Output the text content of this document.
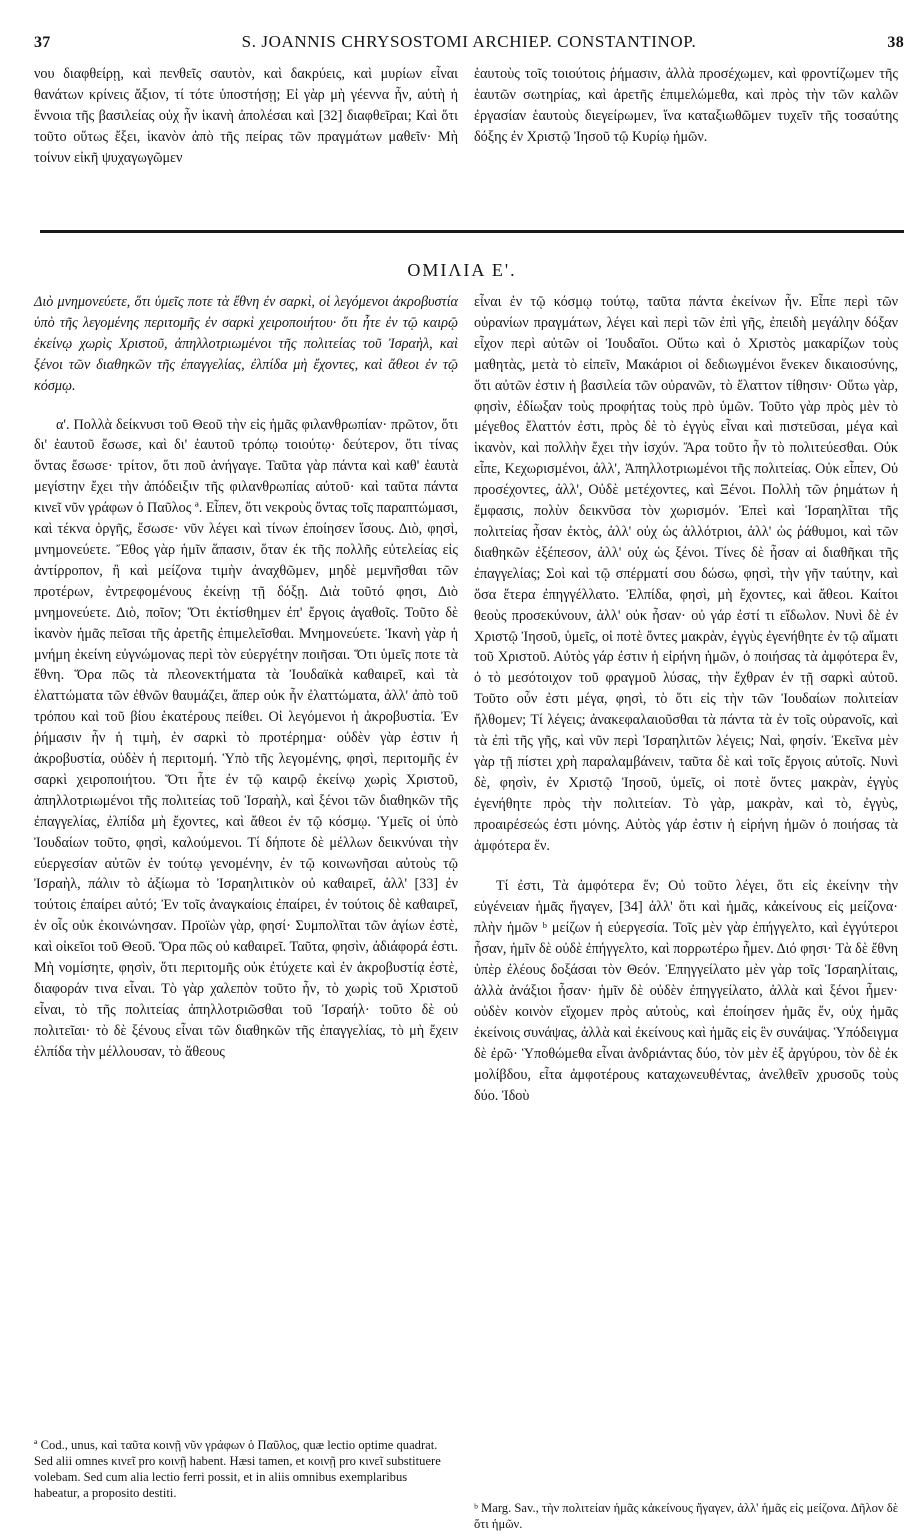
37	S. JOANNIS CHRYSOSTOMI ARCHIEP. CONSTANTINOP.	38

νου διαφθείρῃ, καὶ πενθεῖς σαυτὸν, καὶ δακρύεις, καὶ μυρίων εἶναι θανάτων κρίνεις ἄξιον, τί τότε ὑποστήσῃ; Εἰ γὰρ μὴ γέεννα ἦν, αὐτὴ ἡ ἔννοια τῆς βασιλείας οὐχ ἦν ἱκανὴ ἀπολέσαι καὶ [32] διαφθεῖραι; Καὶ ὅτι τοῦτο οὕτως ἔξει, ἱκανὸν ἀπὸ τῆς πείρας τῶν πραγμάτων μαθεῖν· Μὴ τοίνυν εἰκῆ ψυχαγωγῶμεν

ἑαυτοὺς τοῖς τοιούτοις ῥήμασιν, ἀλλὰ προσέχωμεν, καὶ φροντίζωμεν τῆς ἑαυτῶν σωτηρίας, καὶ ἀρετῆς ἐπιμελώμεθα, καὶ πρὸς τὴν τῶν καλῶν ἐργασίαν ἑαυτοὺς διεγείρωμεν, ἵνα καταξιωθῶμεν τυχεῖν τῆς τοσαύτης δόξης ἐν Χριστῷ Ἰησοῦ τῷ Κυρίῳ ἡμῶν.

ΟΜΙΛΙΑ Ε'.

Διὸ μνημονεύετε, ὅτι ὑμεῖς ποτε τὰ ἔθνη ἐν σαρκὶ, οἱ λεγόμενοι ἀκροβυστία ὑπὸ τῆς λεγομένης περιτομῆς ἐν σαρκὶ χειροποιήτου· ὅτι ἦτε ἐν τῷ καιρῷ ἐκείνῳ χωρὶς Χριστοῦ, ἀπηλλοτριωμένοι τῆς πολιτείας τοῦ Ἰσραὴλ, καὶ ξένοι τῶν διαθηκῶν τῆς ἐπαγγελίας, ἐλπίδα μὴ ἔχοντες, καὶ ἄθεοι ἐν τῷ κόσμῳ.

α'. Πολλὰ δείκνυσι τοῦ Θεοῦ τὴν εἰς ἡμᾶς φιλανθρωπίαν· πρῶτον, ὅτι δι' ἑαυτοῦ ἔσωσε, καὶ δι' ἑαυτοῦ τρόπῳ τοιούτῳ· δεύτερον, ὅτι τίνας ὄντας ἔσωσε· τρίτον, ὅτι ποῦ ἀνήγαγε. Ταῦτα γὰρ πάντα καὶ καθ' ἑαυτὰ μεγίστην ἔχει τὴν ἀπόδειξιν τῆς φιλανθρωπίας αὐτοῦ· καὶ ταῦτα πάντα κινεῖ νῦν γράφων ὁ Παῦλος ª. Εἶπεν, ὅτι νεκροὺς ὄντας τοῖς παραπτώμασι, καὶ τέκνα ὀργῆς, ἔσωσε· νῦν λέγει καὶ τίνων ἐποίησεν ἴσους. Διὸ, φησὶ, μνημονεύετε. Ἔθος γὰρ ἡμῖν ἅπασιν, ὅταν ἐκ τῆς πολλῆς εὐτελείας εἰς ἀντίρροπον, ἢ καὶ μείζονα τιμὴν ἀναχθῶμεν, μηδὲ μεμνῆσθαι τῶν προτέρων, ἐντρεφομένους ἐκείνῃ τῇ δόξῃ. Διὰ τοῦτό φησι, Διὸ μνημονεύετε. Διὸ, ποῖον; Ὅτι ἐκτίσθημεν ἐπ' ἔργοις ἀγαθοῖς. Τοῦτο δὲ ἱκανὸν ἡμᾶς πεῖσαι τῆς ἀρετῆς ἐπιμελεῖσθαι. Μνημονεύετε. Ἱκανὴ γὰρ ἡ μνήμη ἐκείνη εὐγνώμονας περὶ τὸν εὐεργέτην ποιῆσαι. Ὅτι ὑμεῖς ποτε τὰ ἔθνη. Ὅρα πῶς τὰ πλεονεκτήματα τὰ Ἰουδαϊκὰ καθαιρεῖ, καὶ τὰ ἐλαττώματα τῶν ἐθνῶν θαυμάζει, ἅπερ οὐκ ἦν ἐλαττώματα, ἀλλ' ἀπὸ τοῦ τρόπου καὶ τοῦ βίου ἑκατέρους πείθει. Οἱ λεγόμενοι ἡ ἀκροβυστία. Ἐν ῥήμασιν ἦν ἡ τιμὴ, ἐν σαρκὶ τὸ προτέρημα· οὐδὲν γὰρ ἐστιν ἡ ἀκροβυστία, οὐδὲν ἡ περιτομή. Ὑπὸ τῆς λεγομένης, φησὶ, περιτομῆς ἐν σαρκὶ χειροποιήτου. Ὅτι ἦτε ἐν τῷ καιρῷ ἐκείνῳ χωρὶς Χριστοῦ, ἀπηλλοτριωμένοι τῆς πολιτείας τοῦ Ἰσραὴλ, καὶ ξένοι τῶν διαθηκῶν τῆς ἐπαγγελίας, ἐλπίδα μὴ ἔχοντες, καὶ ἄθεοι ἐν τῷ κόσμῳ. Ὑμεῖς οἱ ὑπὸ Ἰουδαίων τοῦτο, φησὶ, καλούμενοι. Τί δήποτε δὲ μέλλων δεικνύναι τὴν εὐεργεσίαν αὐτῶν ἐν τούτῳ γενομένην, ἐν τῷ κοινωνῆσαι αὐτοὺς τῷ Ἰσραὴλ, πάλιν τὸ ἀξίωμα τὸ Ἰσραηλιτικὸν οὐ καθαιρεῖ, ἀλλ' [33] ἐν τούτοις ἐπαίρει αὐτό; Ἐν τοῖς ἀναγκαίοις ἐπαίρει, ἐν τούτοις δὲ καθαιρεῖ, ἐν οἷς οὐκ ἐκοινώνησαν. Προϊὼν γὰρ, φησί· Συμπολῖται τῶν ἁγίων ἐστὲ, καὶ οἰκεῖοι τοῦ Θεοῦ. Ὅρα πῶς οὐ καθαιρεῖ. Ταῦτα, φησὶν, ἀδιάφορά ἐστι. Μὴ νομίσητε, φησὶν, ὅτι περιτομῆς οὐκ ἐτύχετε καὶ ἐν ἀκροβυστίᾳ ἐστὲ, διαφοράν τινα εἶναι. Τὸ γὰρ χαλεπὸν τοῦτο ἦν, τὸ χωρὶς τοῦ Χριστοῦ εἶναι, τὸ τῆς πολιτείας ἀπηλλοτριῶσθαι τοῦ Ἰσραήλ· τοῦτο δὲ οὐ πολιτεῖαι· τὸ δὲ ξένους εἶναι τῶν διαθηκῶν τῆς ἐπαγγελίας, τὸ μὴ ἔχειν ἐλπίδα τὴν μέλλουσαν, τὸ ἄθεους

εἶναι ἐν τῷ κόσμῳ τούτῳ, ταῦτα πάντα ἐκείνων ἦν. Εἶπε περὶ τῶν οὐρανίων πραγμάτων, λέγει καὶ περὶ τῶν ἐπὶ γῆς, ἐπειδὴ μεγάλην δόξαν εἶχον περὶ αὐτῶν οἱ Ἰουδαῖοι. Οὕτω καὶ ὁ Χριστὸς μακαρίζων τοὺς μαθητὰς, μετὰ τὸ εἰπεῖν, Μακάριοι οἱ δεδιωγμένοι ἕνεκεν δικαιοσύνης, ὅτι αὐτῶν ἐστιν ἡ βασιλεία τῶν οὐρανῶν, τὸ ἔλαττον τίθησιν· Οὕτω γὰρ, φησὶν, ἐδίωξαν τοὺς προφήτας τοὺς πρὸ ὑμῶν. Τοῦτο γὰρ πρὸς μὲν τὸ μέγεθος ἔλαττόν ἐστι, πρὸς δὲ τὸ ἐγγὺς εἶναι καὶ πιστεῦσαι, μέγα καὶ ἱκανὸν, καὶ πολλὴν ἔχει τὴν ἰσχύν. Ἄρα τοῦτο ἦν τὸ πολιτεύεσθαι. Οὐκ εἶπε, Κεχωρισμένοι, ἀλλ', Ἀπηλλοτριωμένοι τῆς πολιτείας. Οὐκ εἶπεν, Οὐ προσέχοντες, ἀλλ', Οὐδὲ μετέχοντες, καὶ Ξένοι. Πολλὴ τῶν ῥημάτων ἡ ἔμφασις, πολὺν δεικνῦσα τὸν χωρισμόν. Ἐπεὶ καὶ Ἰσραηλῖται τῆς πολιτείας ἦσαν ἐκτὸς, ἀλλ' οὐχ ὡς ἀλλότριοι, ἀλλ' ὡς ῥάθυμοι, καὶ τῶν διαθηκῶν ἐξέπεσον, ἀλλ' οὐχ ὡς ξένοι. Τίνες δὲ ἦσαν αἱ διαθῆκαι τῆς ἐπαγγελίας; Σοὶ καὶ τῷ σπέρματί σου δώσω, φησὶ, τὴν γῆν ταύτην, καὶ ὅσα ἕτερα ἐπηγγέλλατο. Ἐλπίδα, φησὶ, μὴ ἔχοντες, καὶ ἄθεοι. Καίτοι θεοὺς προσεκύνουν, ἀλλ' οὐκ ἦσαν· οὐ γάρ ἐστί τι εἴδωλον. Νυνὶ δὲ ἐν Χριστῷ Ἰησοῦ, ὑμεῖς, οἱ ποτὲ ὄντες μακρὰν, ἐγγὺς ἐγενήθητε ἐν τῷ αἵματι τοῦ Χριστοῦ. Αὐτὸς γάρ ἐστιν ἡ εἰρήνη ἡμῶν, ὁ ποιήσας τὰ ἀμφότερα ἓν, ὁ τὸ μεσότοιχον τοῦ φραγμοῦ λύσας, τὴν ἔχθραν ἐν τῇ σαρκὶ αὐτοῦ. Τοῦτο οὖν ἐστι μέγα, φησὶ, τὸ ὅτι εἰς τὴν τῶν Ἰουδαίων πολιτείαν ἤλθομεν; Τί λέγεις; ἀνακεφαλαιοῦσθαι τὰ πάντα τὰ ἐν τοῖς οὐρανοῖς, καὶ τὰ ἐπὶ τῆς γῆς, καὶ νῦν περὶ Ἰσραηλιτῶν λέγεις; Ναὶ, φησίν. Ἐκεῖνα μὲν γὰρ τῇ πίστει χρὴ παραλαμβάνειν, ταῦτα δὲ καὶ τοῖς ἔργοις αὐτοῖς. Νυνὶ δὲ, φησὶν, ἐν Χριστῷ Ἰησοῦ, ὑμεῖς, οἱ ποτὲ ὄντες μακρὰν, ἐγγὺς ἐγενήθητε πρὸς τὴν πολιτείαν. Τὸ γὰρ, μακρὰν, καὶ τὸ, ἐγγὺς, προαιρέσεώς ἐστι μόνης. Αὐτὸς γάρ ἐστιν ἡ εἰρήνη ἡμῶν ὁ ποιήσας τὰ ἀμφότερα ἕν.

Τί ἐστι, Τὰ ἀμφότερα ἕν; Οὐ τοῦτο λέγει, ὅτι εἰς ἐκείνην τὴν εὐγένειαν ἡμᾶς ἤγαγεν, [34] ἀλλ' ὅτι καὶ ἡμᾶς, κἀκείνους εἰς μείζονα· πλὴν ἡμῶν ᵇ μείζων ἡ εὐεργεσία. Τοῖς μὲν γὰρ ἐπήγγελτο, καὶ ἐγγύτεροι ἦσαν, ἡμῖν δὲ οὐδὲ ἐπήγγελτο, καὶ πορρωτέρω ἦμεν. Διό φησι· Τὰ δὲ ἔθνη ὑπὲρ ἐλέους δοξάσαι τὸν Θεόν. Ἐπηγγείλατο μὲν γὰρ τοῖς Ἰσραηλίταις, ἀλλὰ ἀνάξιοι ἦσαν· ἡμῖν δὲ οὐδὲν ἐπηγγείλατο, ἀλλὰ καὶ ξένοι ἦμεν· οὐδὲν κοινὸν εἴχομεν πρὸς αὐτοὺς, καὶ ἐποίησεν ἡμᾶς ἕν, οὐχ ἡμᾶς ἐκείνοις συνάψας, ἀλλὰ καὶ ἐκείνους καὶ ἡμᾶς εἰς ἓν συνάψας. Ὑπόδειγμα δὲ ἐρῶ· Ὑποθώμεθα εἶναι ἀνδριάντας δύο, τὸν μὲν ἐξ ἀργύρου, τὸν δὲ ἐκ μολίβδου, εἶτα ἀμφοτέρους καταχωνευθέντας, ἀνελθεῖν χρυσοῦς τοὺς δύο. Ἰδοὺ

ª Cod., unus, καὶ ταῦτα κοινῇ νῦν γράφων ὁ Παῦλος, quæ lectio optime quadrat. Sed alii omnes κινεῖ pro κοινῇ habent. Hæsi tamen, et κοινῇ pro κινεῖ substituere volebam. Sed cum alia lectio ferri possit, et in aliis omnibus exemplaribus habeatur, a proposito destiti.

ᵇ Marg. Sav., τὴν πολιτείαν ἡμᾶς κἀκείνους ἤγαγεν, ἀλλ' ἡμᾶς εἰς μείζονα. Δῆλον δὲ ὅτι ἡμῶν.
